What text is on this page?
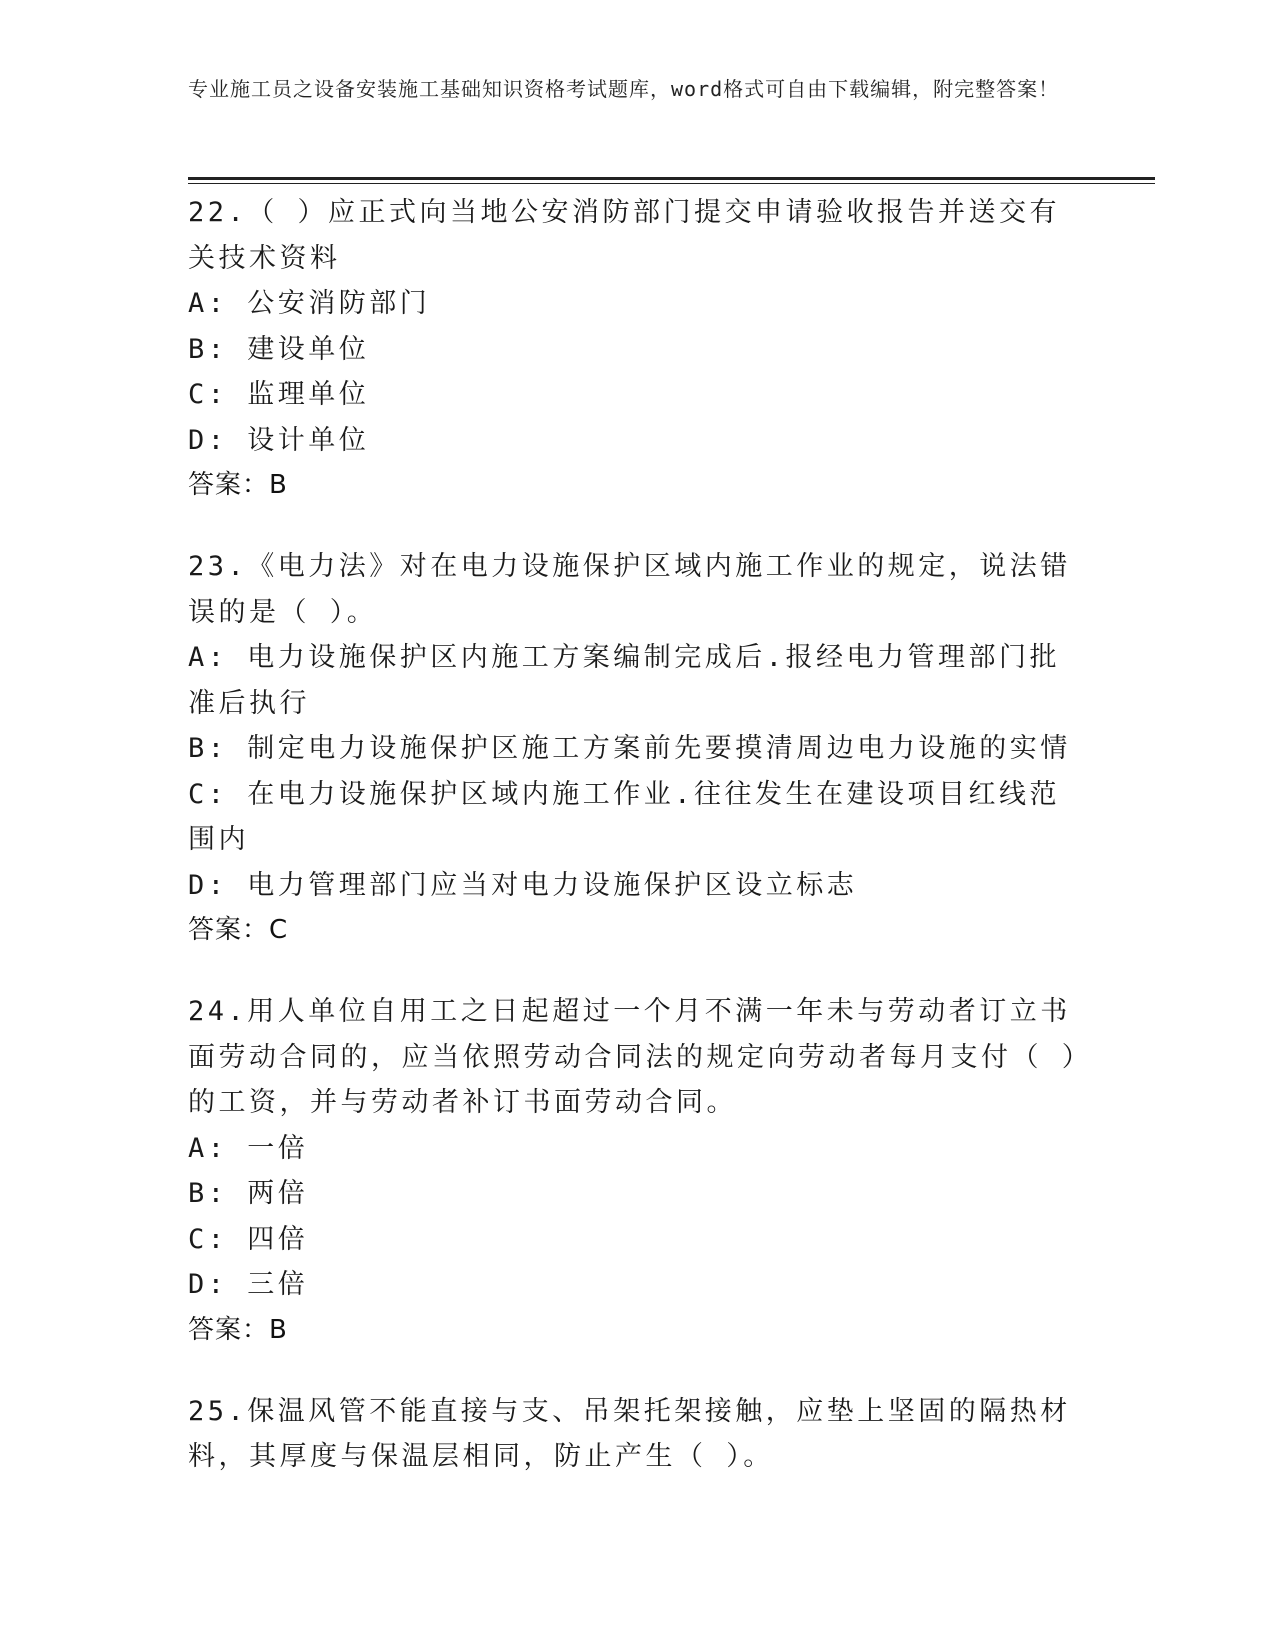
专业施工员之设备安装施工基础知识资格考试题库，word格式可自由下载编辑，附完整答案！
22.（ ）应正式向当地公安消防部门提交申请验收报告并送交有关技术资料
A: 公安消防部门
B: 建设单位
C: 监理单位
D: 设计单位
答案：B
23.《电力法》对在电力设施保护区域内施工作业的规定，说法错误的是（ ）。
A: 电力设施保护区内施工方案编制完成后.报经电力管理部门批准后执行
B: 制定电力设施保护区施工方案前先要摸清周边电力设施的实情
C: 在电力设施保护区域内施工作业.往往发生在建设项目红线范围内
D: 电力管理部门应当对电力设施保护区设立标志
答案：C
24.用人单位自用工之日起超过一个月不满一年未与劳动者订立书面劳动合同的，应当依照劳动合同法的规定向劳动者每月支付（ ）的工资，并与劳动者补订书面劳动合同。
A: 一倍
B: 两倍
C: 四倍
D: 三倍
答案：B
25.保温风管不能直接与支、吊架托架接触，应垫上坚固的隔热材料，其厚度与保温层相同，防止产生（ ）。
